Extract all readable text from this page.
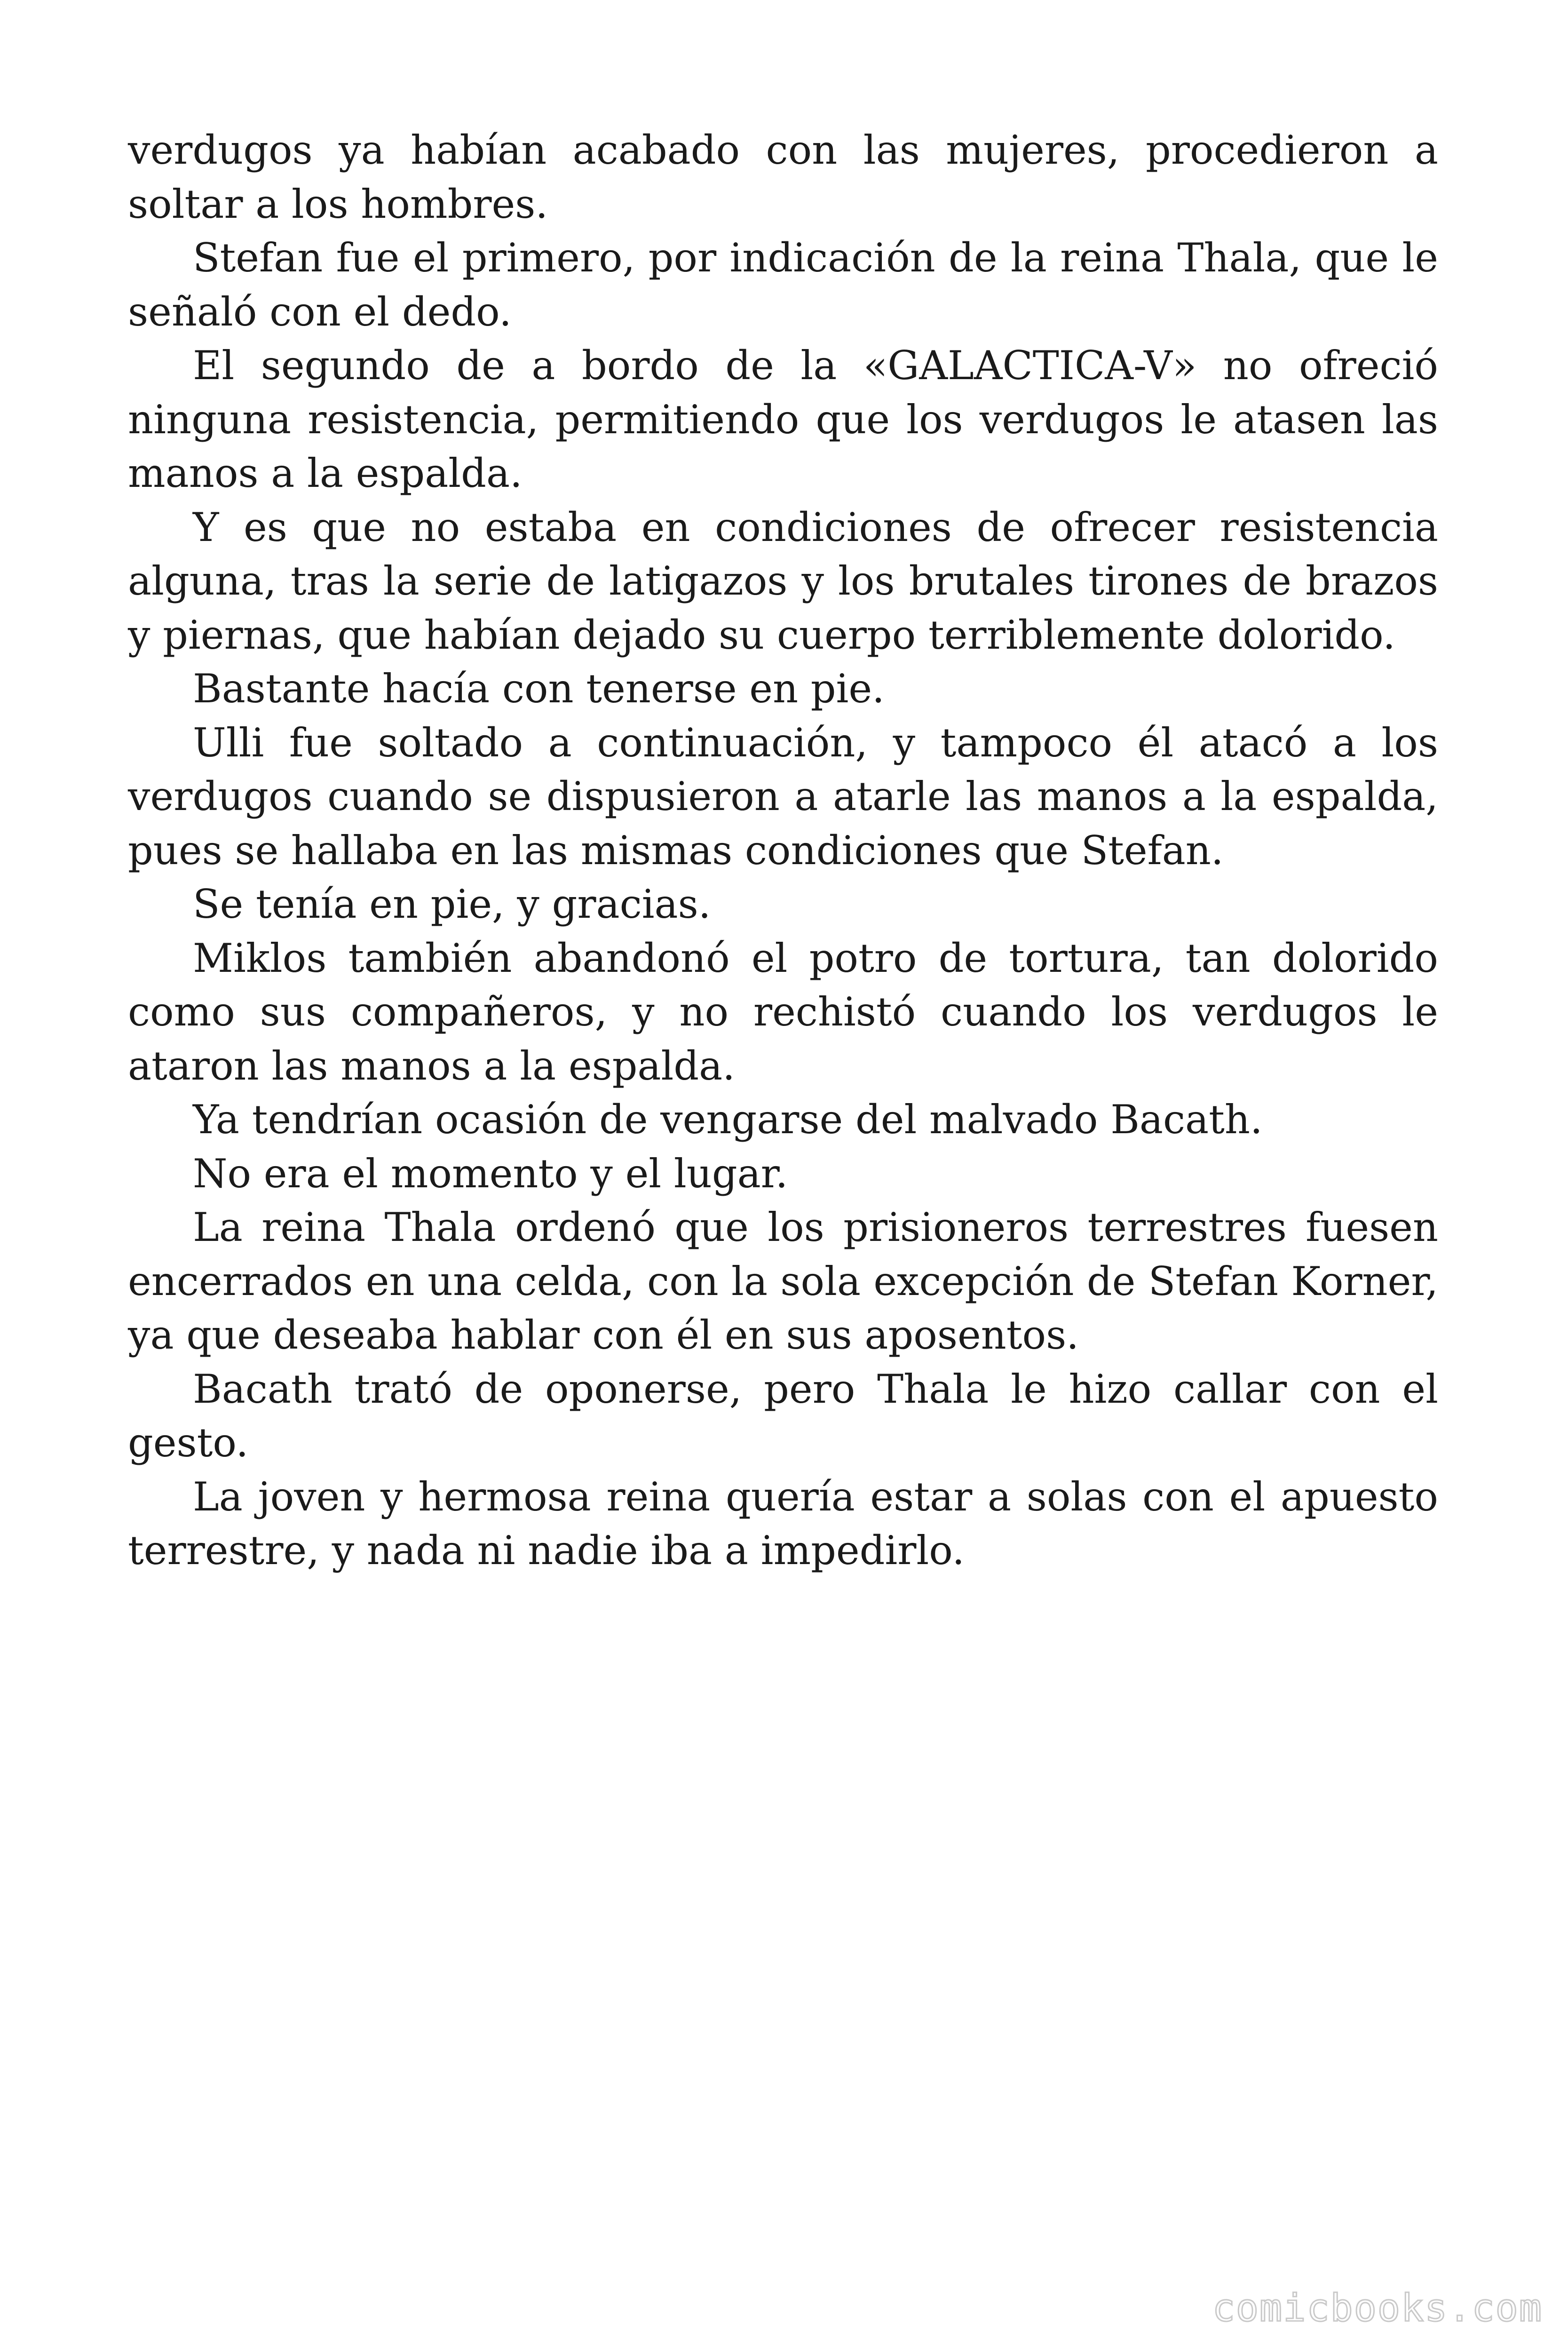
verdugos ya habían acabado con las mujeres, procedieron a soltar a los hombres.

Stefan fue el primero, por indicación de la reina Thala, que le señaló con el dedo.

El segundo de a bordo de la «GALACTICA-V» no ofreció ninguna resistencia, permitiendo que los verdugos le atasen las manos a la espalda.

Y es que no estaba en condiciones de ofrecer resistencia alguna, tras la serie de latigazos y los brutales tirones de brazos y piernas, que habían dejado su cuerpo terriblemente dolorido.

Bastante hacía con tenerse en pie.

Ulli fue soltado a continuación, y tampoco él atacó a los verdugos cuando se dispusieron a atarle las manos a la espalda, pues se hallaba en las mismas condiciones que Stefan.

Se tenía en pie, y gracias.

Miklos también abandonó el potro de tortura, tan dolorido como sus compañeros, y no rechistó cuando los verdugos le ataron las manos a la espalda.

Ya tendrían ocasión de vengarse del malvado Bacath.

No era el momento y el lugar.

La reina Thala ordenó que los prisioneros terrestres fuesen encerrados en una celda, con la sola excepción de Stefan Korner, ya que deseaba hablar con él en sus aposentos.

Bacath trató de oponerse, pero Thala le hizo callar con el gesto.

La joven y hermosa reina quería estar a solas con el apuesto terrestre, y nada ni nadie iba a impedirlo.

comicbooks.com
